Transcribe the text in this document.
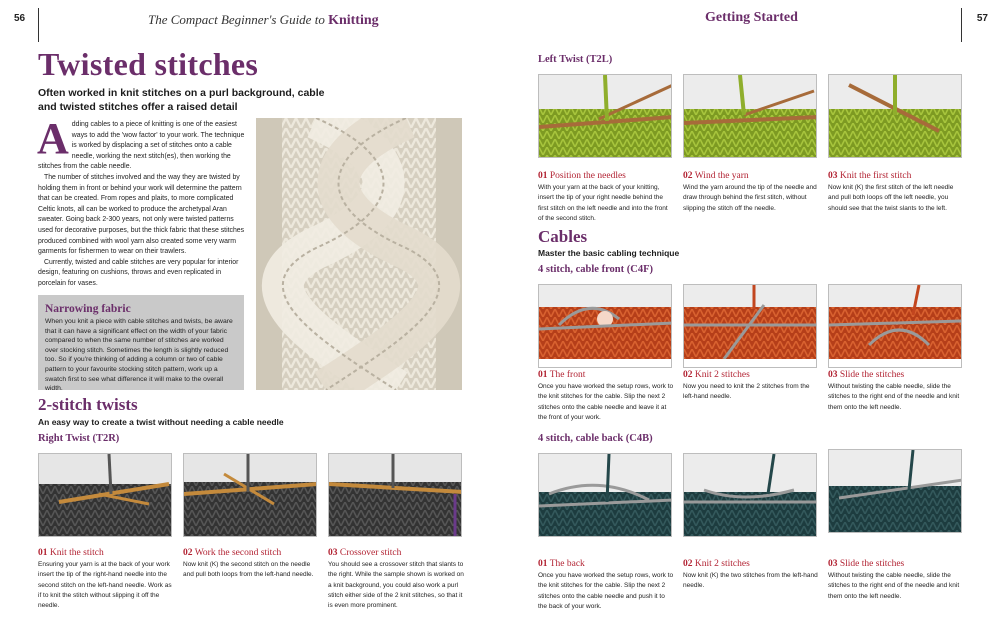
56	The Compact Beginner's Guide to Knitting	Getting Started	57
Twisted stitches
Often worked in knit stitches on a purl background, cable and twisted stitches offer a raised detail
A dding cables to a piece of knitting is one of the easiest ways to add the 'wow factor' to your work. The technique is worked by displacing a set of stitches onto a cable needle, working the next stitch(es), then working the stitches from the cable needle.

The number of stitches involved and the way they are twisted by holding them in front or behind your work will determine the pattern that can be created. From ropes and plaits, to more complicated Celtic knots, all can be worked to produce the archetypal Aran sweater. Going back 2-300 years, not only were twisted patterns used for decorative purposes, but the thick fabric that these stitches produced combined with wool yarn also created some very warm garments for fishermen to wear on their trawlers.

Currently, twisted and cable stitches are very popular for interior design, featuring on cushions, throws and even replicated in porcelain for vases.

Narrowing fabric

When you knit a piece with cable stitches and twists, be aware that it can have a significant effect on the width of your fabric compared to when the same number of stitches are worked over stocking stitch. Sometimes the length is slightly reduced too. So if you're thinking of adding a column or two of cable pattern to your favourite stocking stitch pattern, work up a swatch first to see what difference it will make to the overall width.

2-stitch twists
An easy way to create a twist without needing a cable needle
Right Twist (T2R)
01 Knit the stitch	02 Work the second stitch	03 Crossover stitch
Ensuring your yarn is at the back of your work insert the tip of the right-hand needle into the second stitch on the left-hand needle. Work as if to knit the stitch without slipping it off the needle.
Now knit (K) the second stitch on the needle and pull both loops from the left-hand needle.
You should see a crossover stitch that slants to the right. While the sample shown is worked on a knit background, you could also work a purl stitch either side of the 2 knit stitches, so that it is even more prominent.
Left Twist (T2L)
01 Position the needles	02 Wind the yarn	03 Knit the first stitch
With your yarn at the back of your knitting, insert the tip of your right needle behind the first stitch on the left needle and into the front of the second stitch.
Wind the yarn around the tip of the needle and draw through behind the first stitch, without slipping the stitch off the needle.
Now knit (K) the first stitch of the left needle and pull both loops off the left needle, you should see that the twist slants to the left.
Cables
Master the basic cabling technique
4 stitch, cable front (C4F)
01 The front	02 Knit 2 stitches	03 Slide the stitches
Once you have worked the setup rows, work to the knit stitches for the cable. Slip the next 2 stitches onto the cable needle and leave it at the front of your work.
Now you need to knit the 2 stitches from the left-hand needle.
Without twisting the cable needle, slide the stitches to the right end of the needle and knit them onto the left needle.
4 stitch, cable back (C4B)
01 The back	02 Knit 2 stitches	03 Slide the stitches
Once you have worked the setup rows, work to the knit stitches for the cable. Slip the next 2 stitches onto the cable needle and push it to the back of your work.
Now knit (K) the two stitches from the left-hand needle.
Without twisting the cable needle, slide the stitches to the right end of the needle and knit them onto the left needle.
